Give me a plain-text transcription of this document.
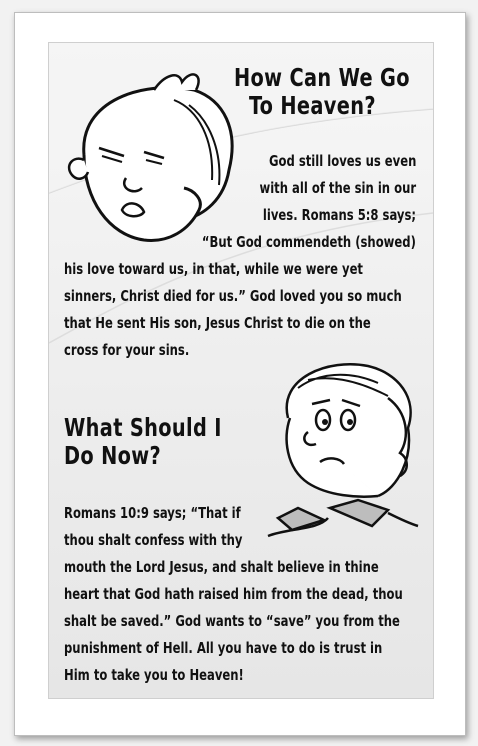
How Can We Go
To Heaven?

God still loves us even

with all of the sin in our

lives. Romans 5:8 says;

“But God commendeth (showed)

his love toward us, in that, while we were yet

sinners, Christ died for us.” God loved you so much

that He sent His son, Jesus Christ to die on the

cross for your sins.

What Should I
Do Now?

Romans 10:9 says; “That if

thou shalt confess with thy

mouth the Lord Jesus, and shalt believe in thine

heart that God hath raised him from the dead, thou

shalt be saved.” God wants to “save” you from the

punishment of Hell. All you have to do is trust in

Him to take you to Heaven!
